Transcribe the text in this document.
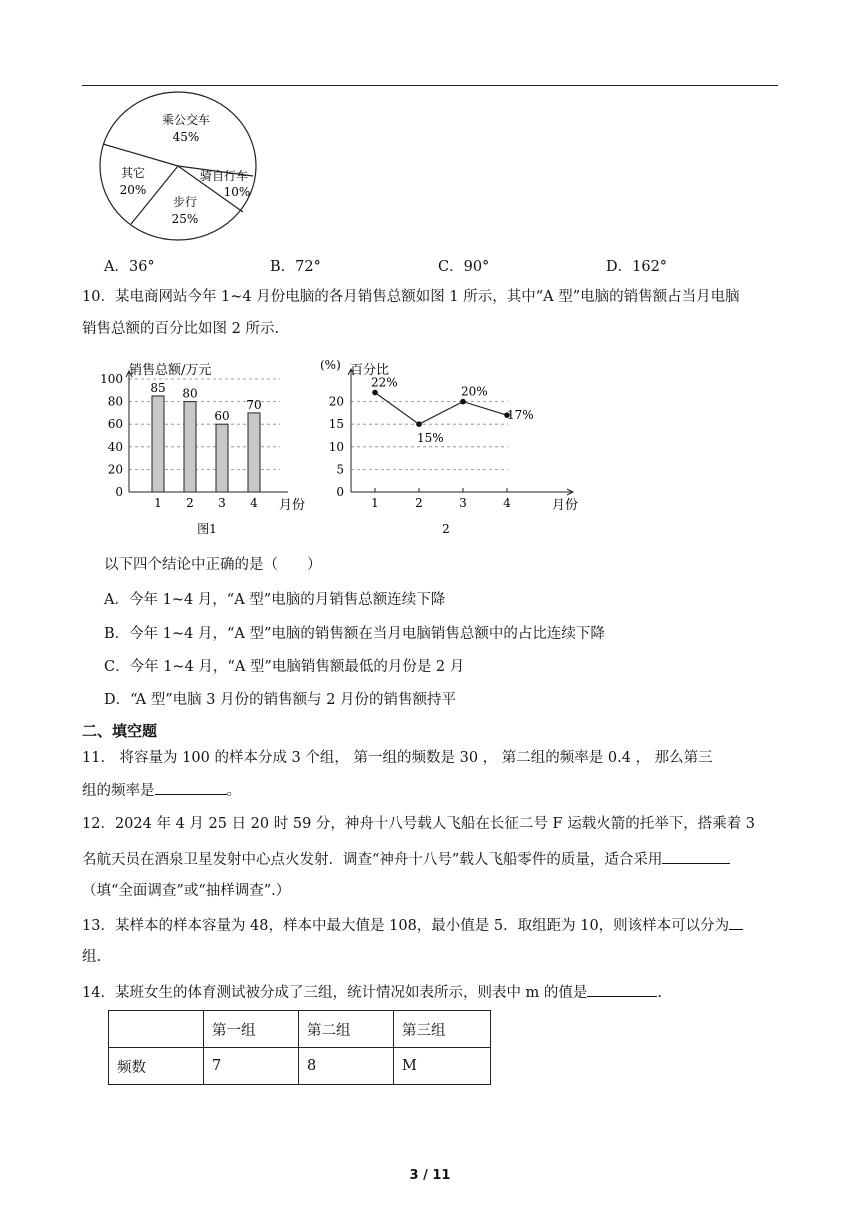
乘公交车
45%
骑自行车
10%
步行
25%
其它
20%
A．36°	B．72°	C．90°	D．162°
10．某电商网站今年 1~4 月份电脑的各月销售总额如图 1 所示，其中“A 型”电脑的销售额占当月电脑
销售总额的百分比如图 2 所示.
销售总额/万元
月份
图1
0
20
40
60
80
100
85
1
80
2
60
3
70
4
(%) 百分比
月份
2
0
5
10
15
20
1
22%
2
15%
3
20%
4
17%
以下四个结论中正确的是（　　）
A．今年 1~4 月，“A 型”电脑的月销售总额连续下降
B．今年 1~4 月，“A 型”电脑的销售额在当月电脑销售总额中的占比连续下降
C．今年 1~4 月，“A 型”电脑销售额最低的月份是 2 月
D．“A 型”电脑 3 月份的销售额与 2 月份的销售额持平
二、填空题
11． 将容量为 100 的样本分成 3 个组， 第一组的频数是 30 ， 第二组的频率是 0.4 ， 那么第三
组的频率是	。
12．2024 年 4 月 25 日 20 时 59 分，神舟十八号载人飞船在长征二号 F 运载火箭的托举下，搭乘着 3
名航天员在酒泉卫星发射中心点火发射．调查“神舟十八号”载人飞船零件的质量，适合采用
（填“全面调查”或“抽样调查”.）
13．某样本的样本容量为 48，样本中最大值是 108，最小值是 5．取组距为 10，则该样本可以分为
组.
14．某班女生的体育测试被分成了三组，统计情况如表所示，则表中 m 的值是	.
	第一组	第二组	第三组
频数	7	8	M
3 / 11
